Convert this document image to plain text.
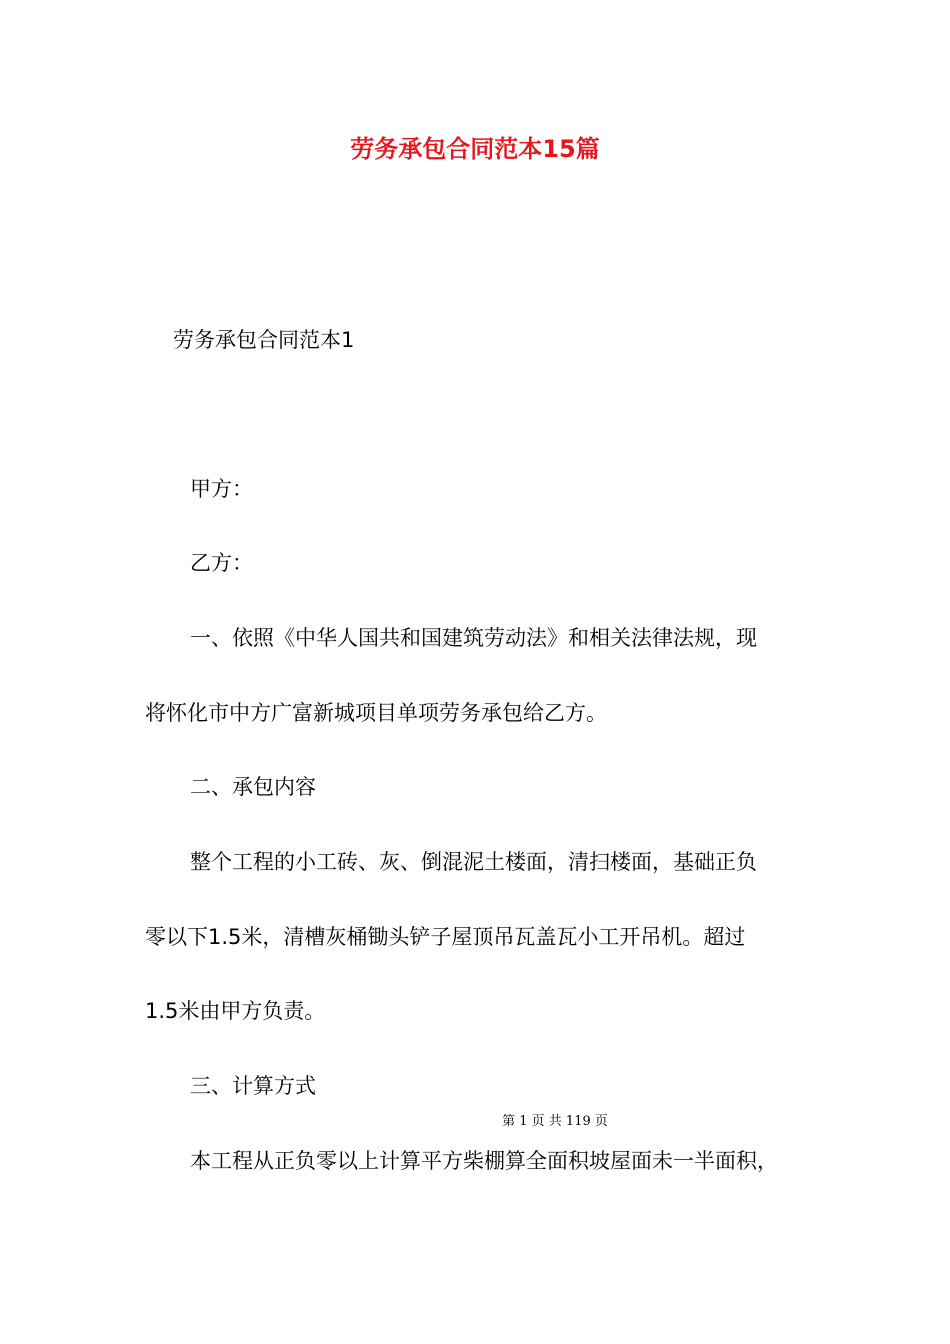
劳务承包合同范本15篇

劳务承包合同范本1

甲方：

乙方：

一、依照《中华人国共和国建筑劳动法》和相关法律法规，现

将怀化市中方广富新城项目单项劳务承包给乙方。

二、承包内容

整个工程的小工砖、灰、倒混泥土楼面，清扫楼面，基础正负

零以下1.5米，清槽灰桶锄头铲子屋顶吊瓦盖瓦小工开吊机。超过

1.5米由甲方负责。

三、计算方式

第 1 页 共 119 页

本工程从正负零以上计算平方柴棚算全面积坡屋面未一半面积，
